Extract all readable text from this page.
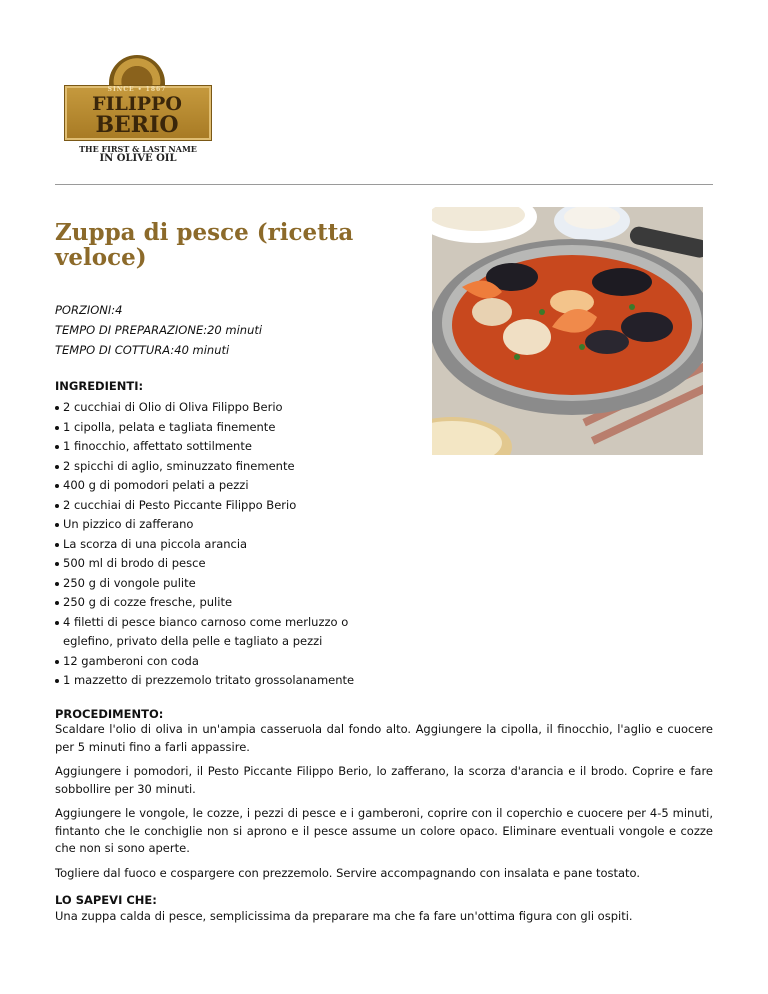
SINCE • 1867
FILIPPO
BERIO
THE FIRST & LAST NAME
IN OLIVE OIL
Zuppa di pesce (ricetta veloce)
PORZIONI:4
TEMPO DI PREPARAZIONE:20 minuti
TEMPO DI COTTURA:40 minuti
INGREDIENTI:
2 cucchiai di Olio di Oliva Filippo Berio
1 cipolla, pelata e tagliata finemente
1 finocchio, affettato sottilmente
2 spicchi di aglio, sminuzzato finemente
400 g di pomodori pelati a pezzi
2 cucchiai di Pesto Piccante Filippo Berio
Un pizzico di zafferano
La scorza di una piccola arancia
500 ml di brodo di pesce
250 g di vongole pulite
250 g di cozze fresche, pulite
4 filetti di pesce bianco carnoso come merluzzo o eglefino, privato della pelle e tagliato a pezzi
12 gamberoni con coda
1 mazzetto di prezzemolo tritato grossolanamente
PROCEDIMENTO:

Scaldare l'olio di oliva in un'ampia casseruola dal fondo alto. Aggiungere la cipolla, il finocchio, l'aglio e cuocere per 5 minuti fino a farli appassire.

Aggiungere i pomodori, il Pesto Piccante Filippo Berio, lo zafferano, la scorza d'arancia e il brodo. Coprire e fare sobbollire per 30 minuti.

Aggiungere le vongole, le cozze, i pezzi di pesce e i gamberoni, coprire con il coperchio e cuocere per 4-5 minuti, fintanto che le conchiglie non si aprono e il pesce assume un colore opaco. Eliminare eventuali vongole e cozze che non si sono aperte.

Togliere dal fuoco e cospargere con prezzemolo. Servire accompagnando con insalata e pane tostato.

LO SAPEVI CHE:

Una zuppa calda di pesce, semplicissima da preparare ma che fa fare un'ottima figura con gli ospiti.
